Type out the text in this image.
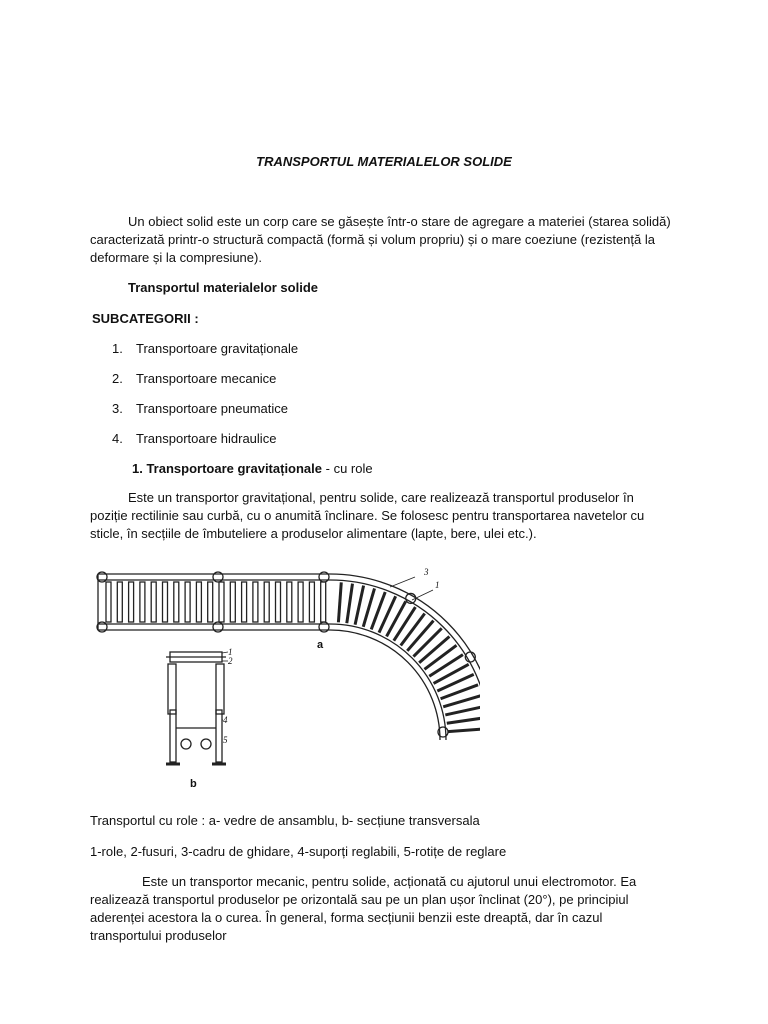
TRANSPORTUL MATERIALELOR SOLIDE

Un obiect solid este un corp care se găsește într-o stare de agregare a materiei (starea solidă) caracterizată printr-o structură compactă (formă și volum propriu) și o mare coeziune (rezistență la deformare și la compresiune).

Transportul materialelor solide
SUBCATEGORII :
1. Transportoare gravitaționale
2. Transportoare mecanice
3. Transportoare pneumatice
4. Transportoare hidraulice
1. Transportoare gravitaționale - cu role

Este un transportor gravitațional, pentru solide, care realizează transportul produselor în poziție rectilinie sau curbă, cu o anumită înclinare. Se folosesc pentru transportarea navetelor cu sticle, în secțiile de îmbuteliere a produselor alimentare (lapte, bere, ulei etc.).

a
b
3
1
1
2
4
5
Transportul cu role : a- vedre de ansamblu, b- secțiune transversala
1-role, 2-fusuri, 3-cadru de ghidare, 4-suporți reglabili, 5-rotițe de reglare

Este un transportor mecanic, pentru solide, acționată cu ajutorul unui electromotor. Ea realizează transportul produselor pe orizontală sau pe un plan ușor înclinat (20°), pe principiul aderenței acestora la o curea. În general, forma secțiunii benzii este dreaptă, dar în cazul transportului produselor
